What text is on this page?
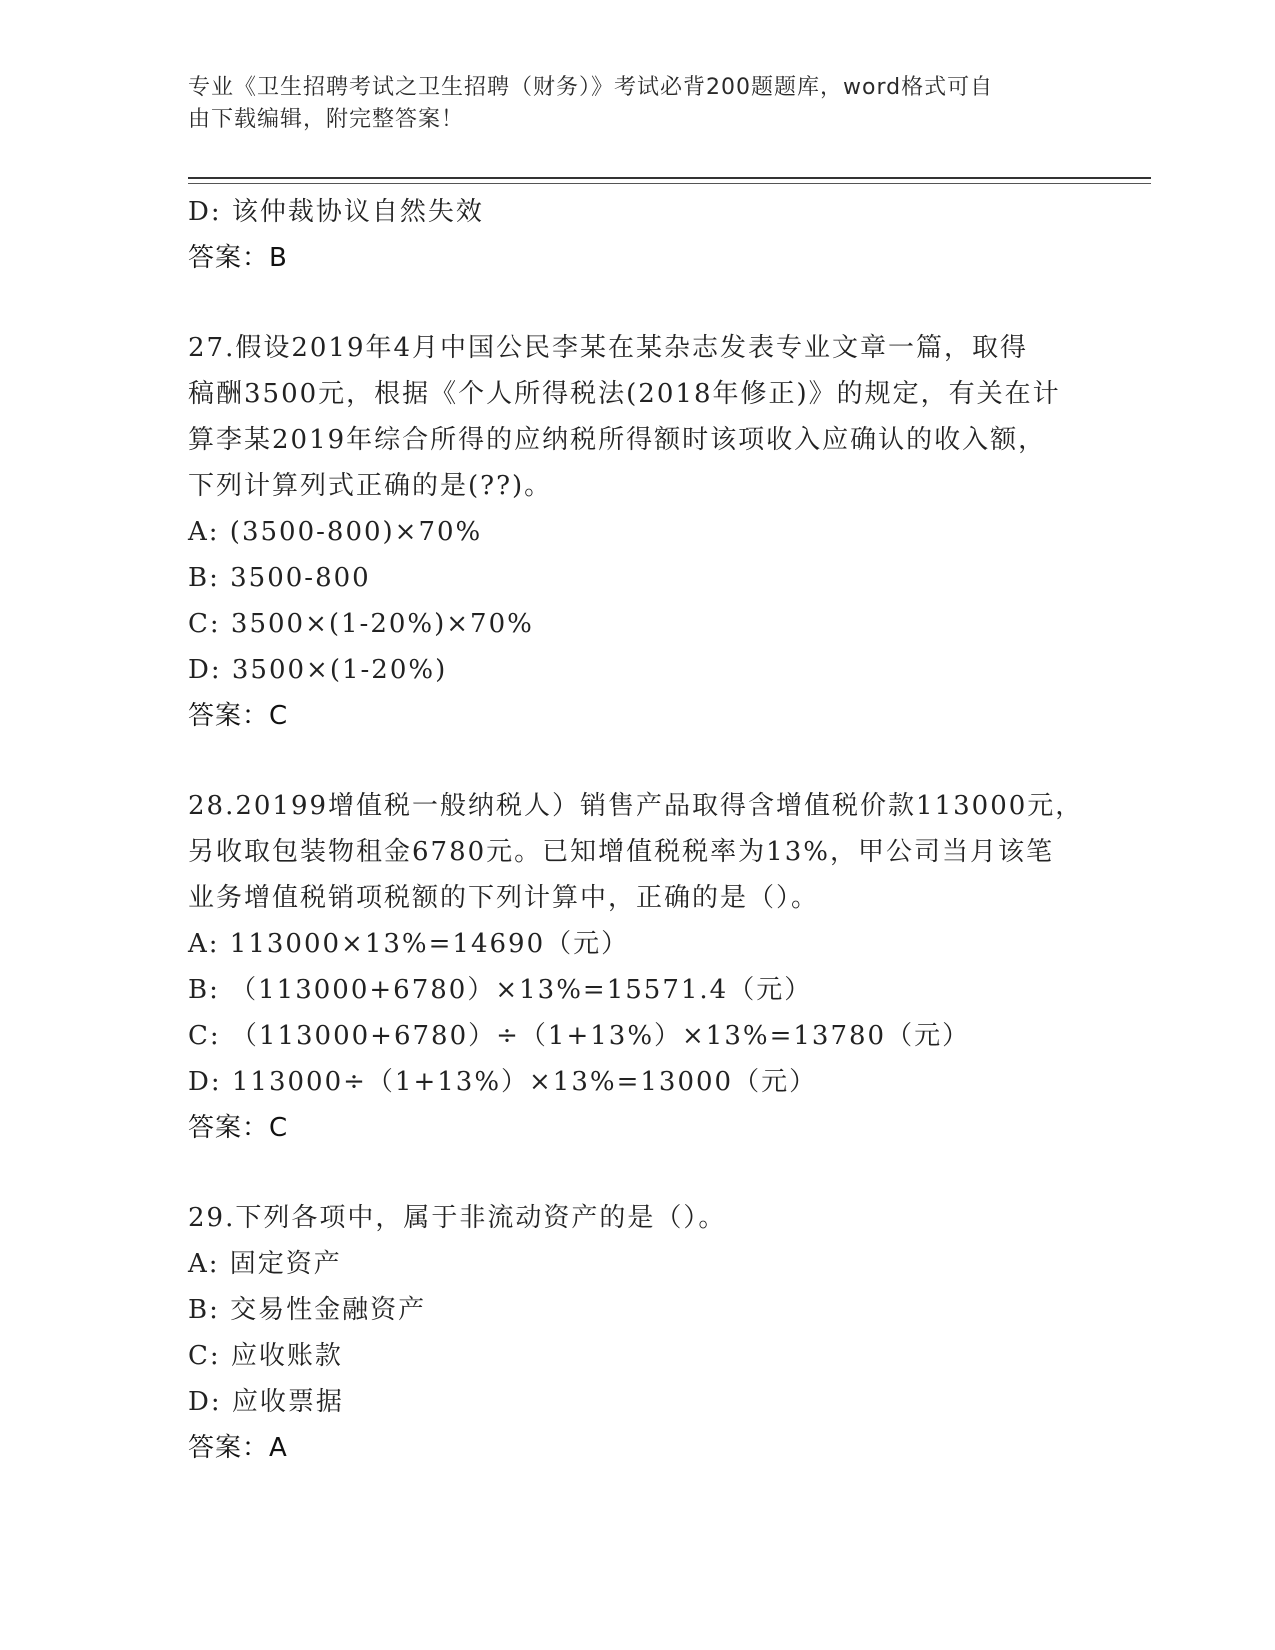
专业《卫生招聘考试之卫生招聘（财务）》考试必背200题题库，word格式可自
由下载编辑，附完整答案！
D: 该仲裁协议自然失效
答案：B
27.假设2019年4月中国公民李某在某杂志发表专业文章一篇，取得
稿酬3500元，根据《个人所得税法(2018年修正)》的规定，有关在计
算李某2019年综合所得的应纳税所得额时该项收入应确认的收入额，
下列计算列式正确的是(??)。
A: (3500-800)×70%
B: 3500-800
C: 3500×(1-20%)×70%
D: 3500×(1-20%)
答案：C
28.20199增值税一般纳税人）销售产品取得含增值税价款113000元，
另收取包装物租金6780元。已知增值税税率为13%，甲公司当月该笔
业务增值税销项税额的下列计算中，正确的是（）。
A: 113000×13%=14690（元）
B: （113000+6780）×13%=15571.4（元）
C: （113000+6780）÷（1+13%）×13%=13780（元）
D: 113000÷（1+13%）×13%=13000（元）
答案：C
29.下列各项中，属于非流动资产的是（）。
A: 固定资产
B: 交易性金融资产
C: 应收账款
D: 应收票据
答案：A
